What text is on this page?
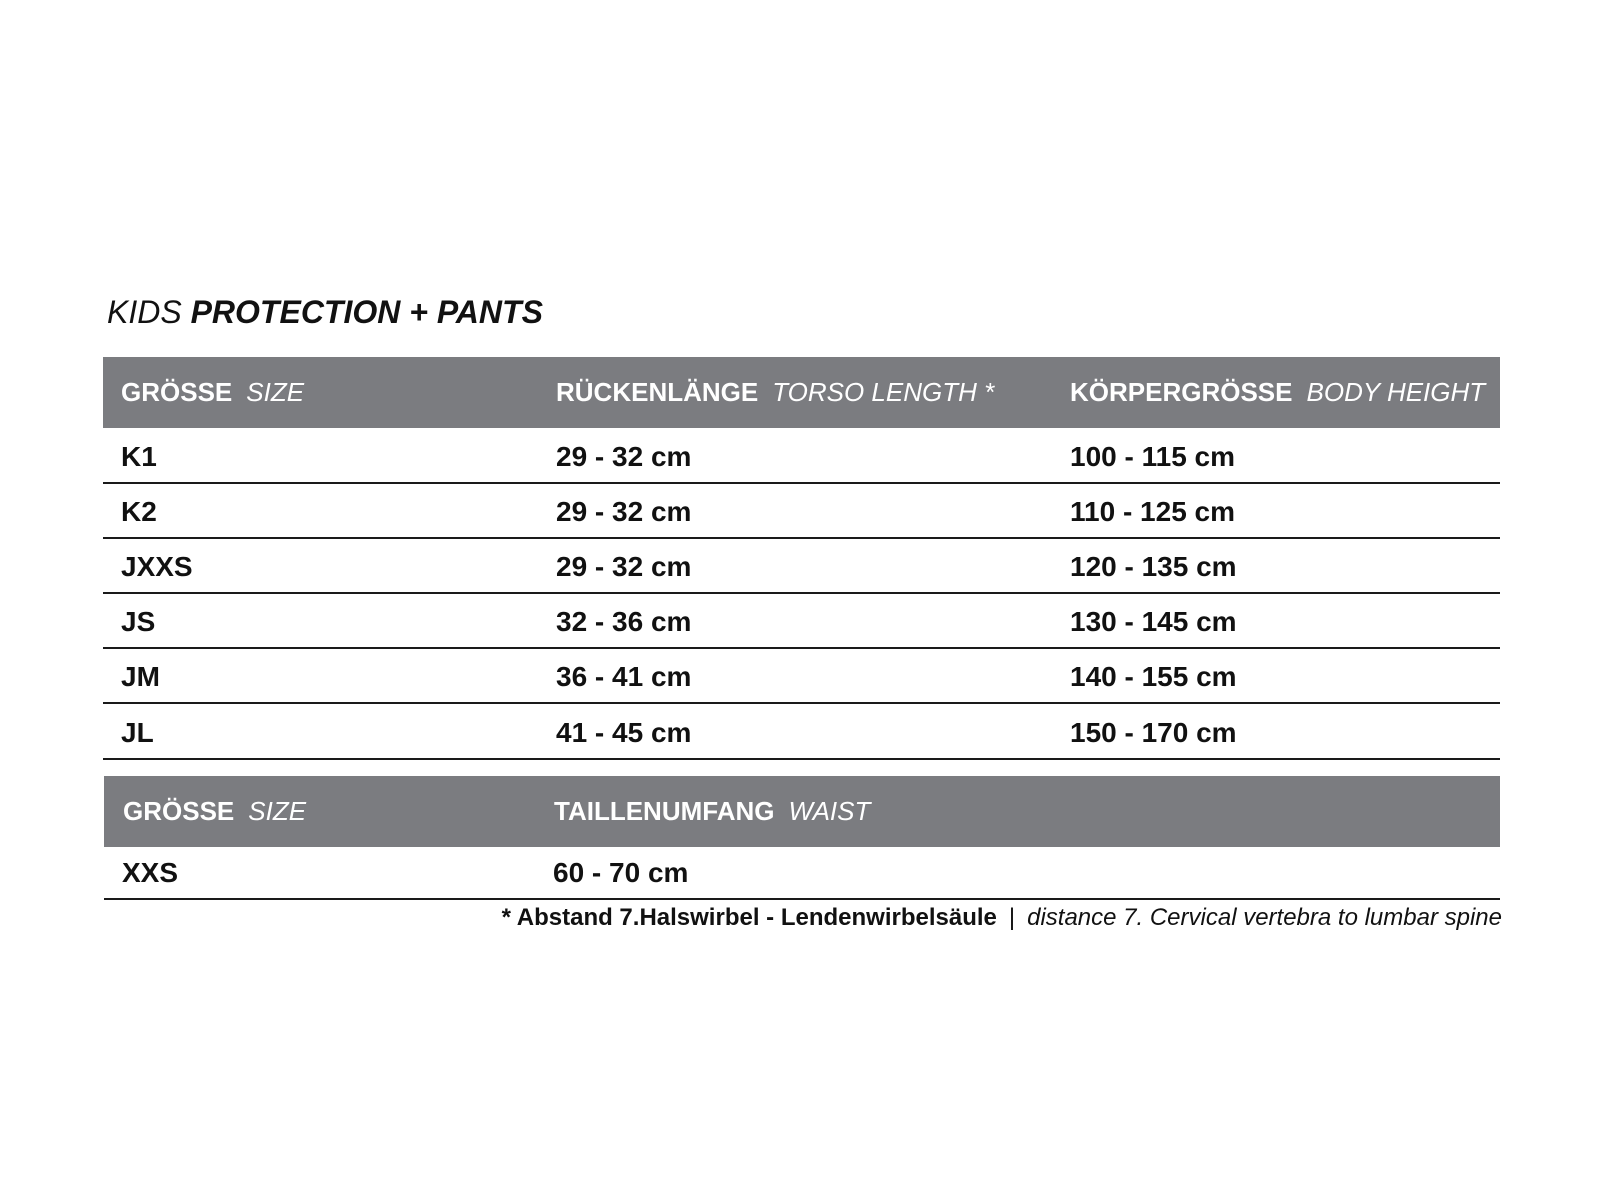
KIDS PROTECTION + PANTS
GRÖSSE SIZE	RÜCKENLÄNGE TORSO LENGTH *	KÖRPERGRÖSSE BODY HEIGHT
K1	29 - 32 cm	100 - 115 cm
K2	29 - 32 cm	110 - 125 cm
JXXS	29 - 32 cm	120 - 135 cm
JS	32 - 36 cm	130 - 145 cm
JM	36 - 41 cm	140 - 155 cm
JL	41 - 45 cm	150 - 170 cm
GRÖSSE SIZE	TAILLENUMFANG WAIST
XXS	60 - 70 cm
* Abstand 7.Halswirbel - Lendenwirbelsäule | distance 7. Cervical vertebra to lumbar spine
